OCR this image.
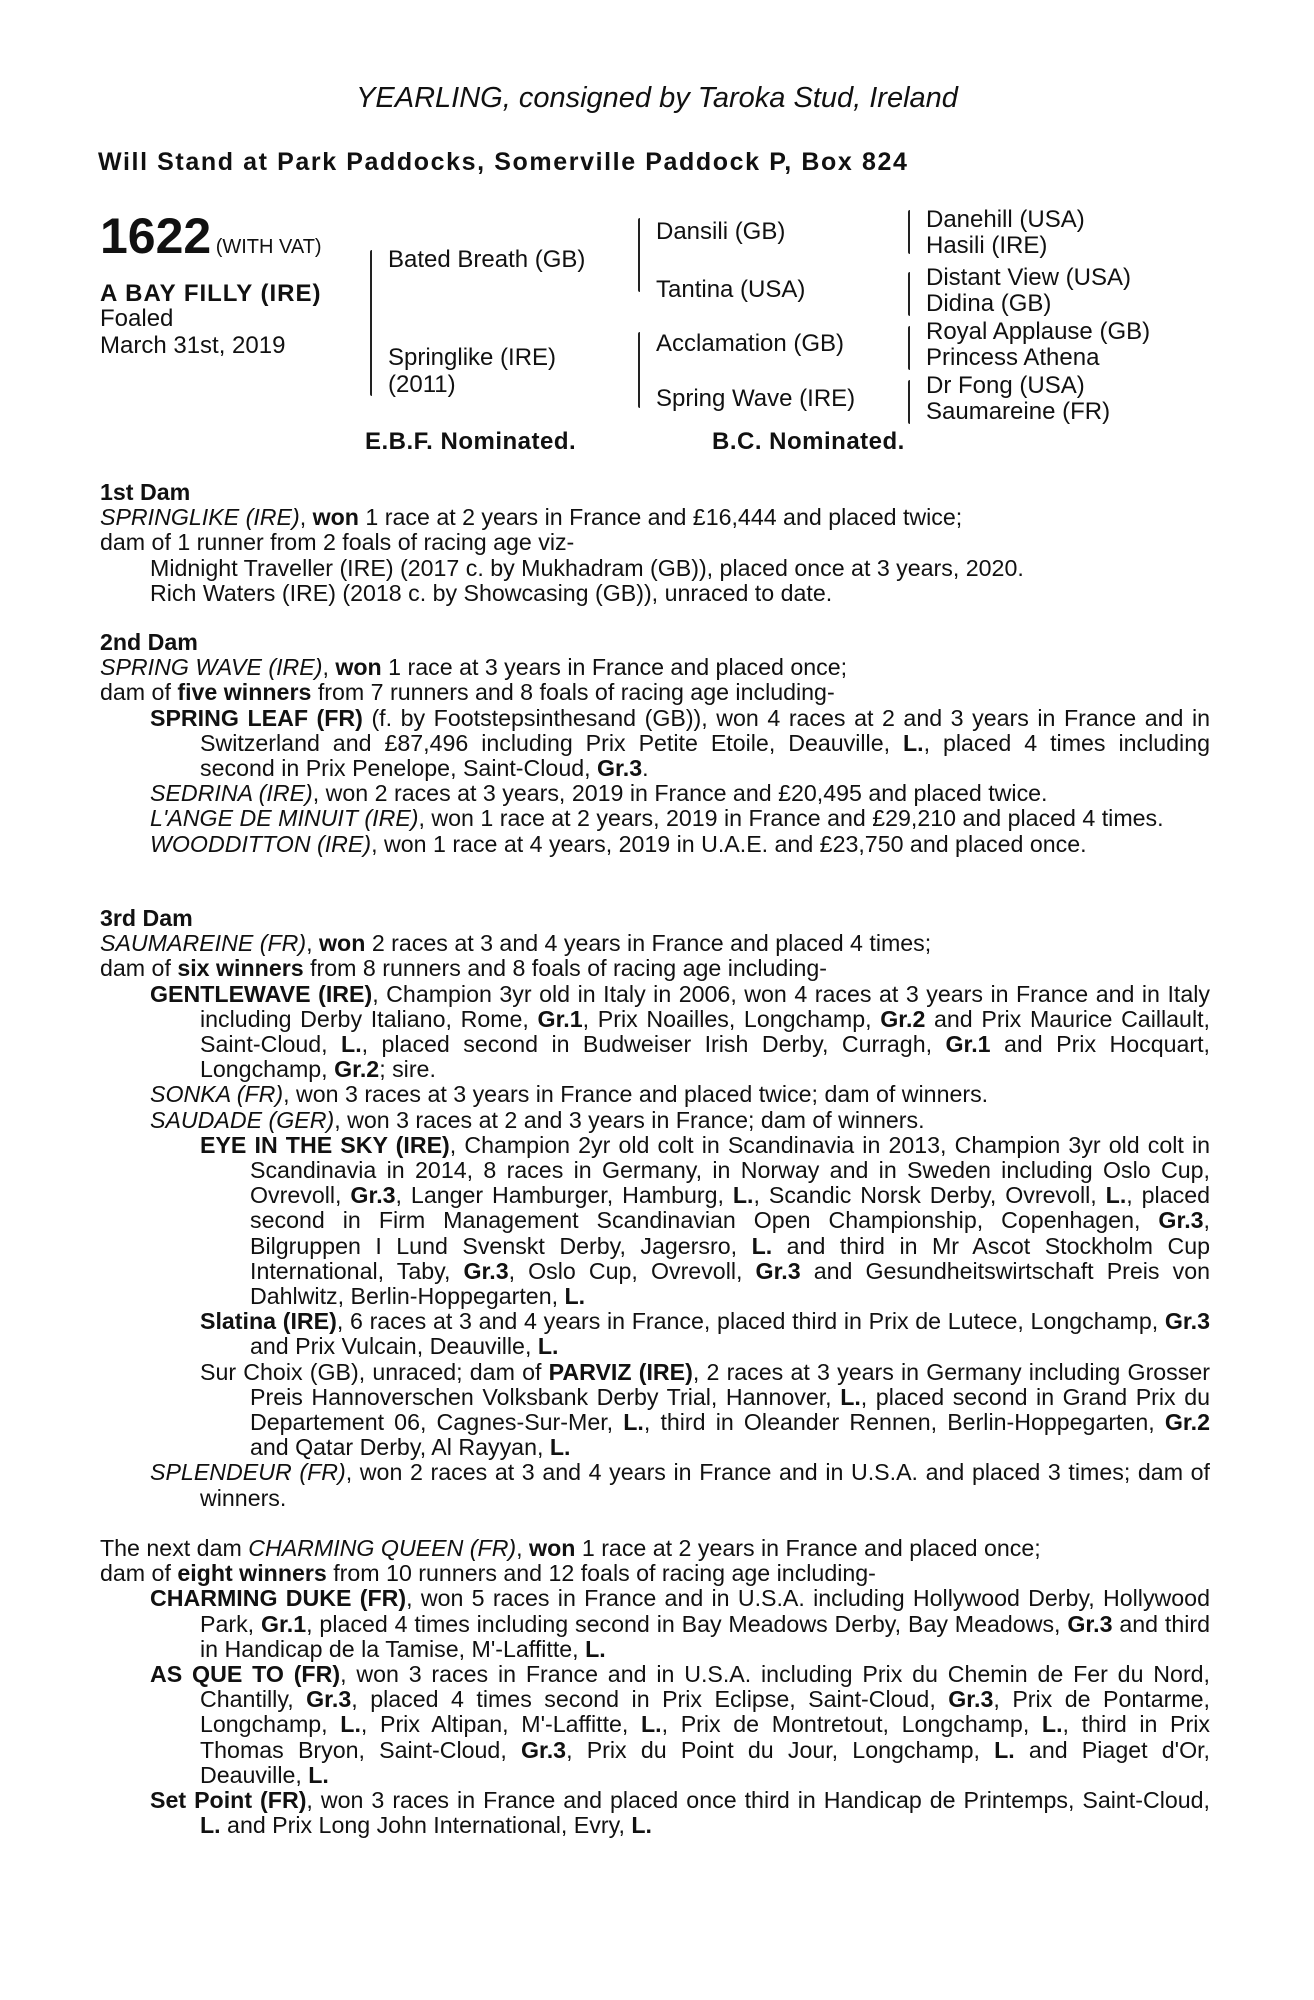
YEARLING, consigned by Taroka Stud, Ireland
Will Stand at Park Paddocks, Somerville Paddock P, Box 824
1622 (WITH VAT)
A BAY FILLY (IRE)
Foaled
March 31st, 2019
Bated Breath (GB)
Springlike (IRE)
(2011)
Dansili (GB)
Tantina (USA)
Acclamation (GB)
Spring Wave (IRE)
Danehill (USA)
Hasili (IRE)
Distant View (USA)
Didina (GB)
Royal Applause (GB)
Princess Athena
Dr Fong (USA)
Saumareine (FR)
E.B.F. Nominated.	B.C. Nominated.

1st Dam

SPRINGLIKE (IRE), won 1 race at 2 years in France and £16,444 and placed twice;

dam of 1 runner from 2 foals of racing age viz-

Midnight Traveller (IRE) (2017 c. by Mukhadram (GB)), placed once at 3 years, 2020.

Rich Waters (IRE) (2018 c. by Showcasing (GB)), unraced to date.

2nd Dam

SPRING WAVE (IRE), won 1 race at 3 years in France and placed once;

dam of five winners from 7 runners and 8 foals of racing age including-

SPRING LEAF (FR) (f. by Footstepsinthesand (GB)), won 4 races at 2 and 3 years in France and in Switzerland and £87,496 including Prix Petite Etoile, Deauville, L., placed 4 times including second in Prix Penelope, Saint-Cloud, Gr.3.

SEDRINA (IRE), won 2 races at 3 years, 2019 in France and £20,495 and placed twice.

L'ANGE DE MINUIT (IRE), won 1 race at 2 years, 2019 in France and £29,210 and placed 4 times.

WOODDITTON (IRE), won 1 race at 4 years, 2019 in U.A.E. and £23,750 and placed once.

3rd Dam

SAUMAREINE (FR), won 2 races at 3 and 4 years in France and placed 4 times;

dam of six winners from 8 runners and 8 foals of racing age including-

GENTLEWAVE (IRE), Champion 3yr old in Italy in 2006, won 4 races at 3 years in France and in Italy including Derby Italiano, Rome, Gr.1, Prix Noailles, Longchamp, Gr.2 and Prix Maurice Caillault, Saint-Cloud, L., placed second in Budweiser Irish Derby, Curragh, Gr.1 and Prix Hocquart, Longchamp, Gr.2; sire.

SONKA (FR), won 3 races at 3 years in France and placed twice; dam of winners.

SAUDADE (GER), won 3 races at 2 and 3 years in France; dam of winners.

EYE IN THE SKY (IRE), Champion 2yr old colt in Scandinavia in 2013, Champion 3yr old colt in Scandinavia in 2014, 8 races in Germany, in Norway and in Sweden including Oslo Cup, Ovrevoll, Gr.3, Langer Hamburger, Hamburg, L., Scandic Norsk Derby, Ovrevoll, L., placed second in Firm Management Scandinavian Open Championship, Copenhagen, Gr.3, Bilgruppen I Lund Svenskt Derby, Jagersro, L. and third in Mr Ascot Stockholm Cup International, Taby, Gr.3, Oslo Cup, Ovrevoll, Gr.3 and Gesundheitswirtschaft Preis von Dahlwitz, Berlin-Hoppegarten, L.

Slatina (IRE), 6 races at 3 and 4 years in France, placed third in Prix de Lutece, Longchamp, Gr.3 and Prix Vulcain, Deauville, L.

Sur Choix (GB), unraced; dam of PARVIZ (IRE), 2 races at 3 years in Germany including Grosser Preis Hannoverschen Volksbank Derby Trial, Hannover, L., placed second in Grand Prix du Departement 06, Cagnes-Sur-Mer, L., third in Oleander Rennen, Berlin-Hoppegarten, Gr.2 and Qatar Derby, Al Rayyan, L.

SPLENDEUR (FR), won 2 races at 3 and 4 years in France and in U.S.A. and placed 3 times; dam of winners.

The next dam CHARMING QUEEN (FR), won 1 race at 2 years in France and placed once;

dam of eight winners from 10 runners and 12 foals of racing age including-

CHARMING DUKE (FR), won 5 races in France and in U.S.A. including Hollywood Derby, Hollywood Park, Gr.1, placed 4 times including second in Bay Meadows Derby, Bay Meadows, Gr.3 and third in Handicap de la Tamise, M'-Laffitte, L.

AS QUE TO (FR), won 3 races in France and in U.S.A. including Prix du Chemin de Fer du Nord, Chantilly, Gr.3, placed 4 times second in Prix Eclipse, Saint-Cloud, Gr.3, Prix de Pontarme, Longchamp, L., Prix Altipan, M'-Laffitte, L., Prix de Montretout, Longchamp, L., third in Prix Thomas Bryon, Saint-Cloud, Gr.3, Prix du Point du Jour, Longchamp, L. and Piaget d'Or, Deauville, L.

Set Point (FR), won 3 races in France and placed once third in Handicap de Printemps, Saint-Cloud, L. and Prix Long John International, Evry, L.
